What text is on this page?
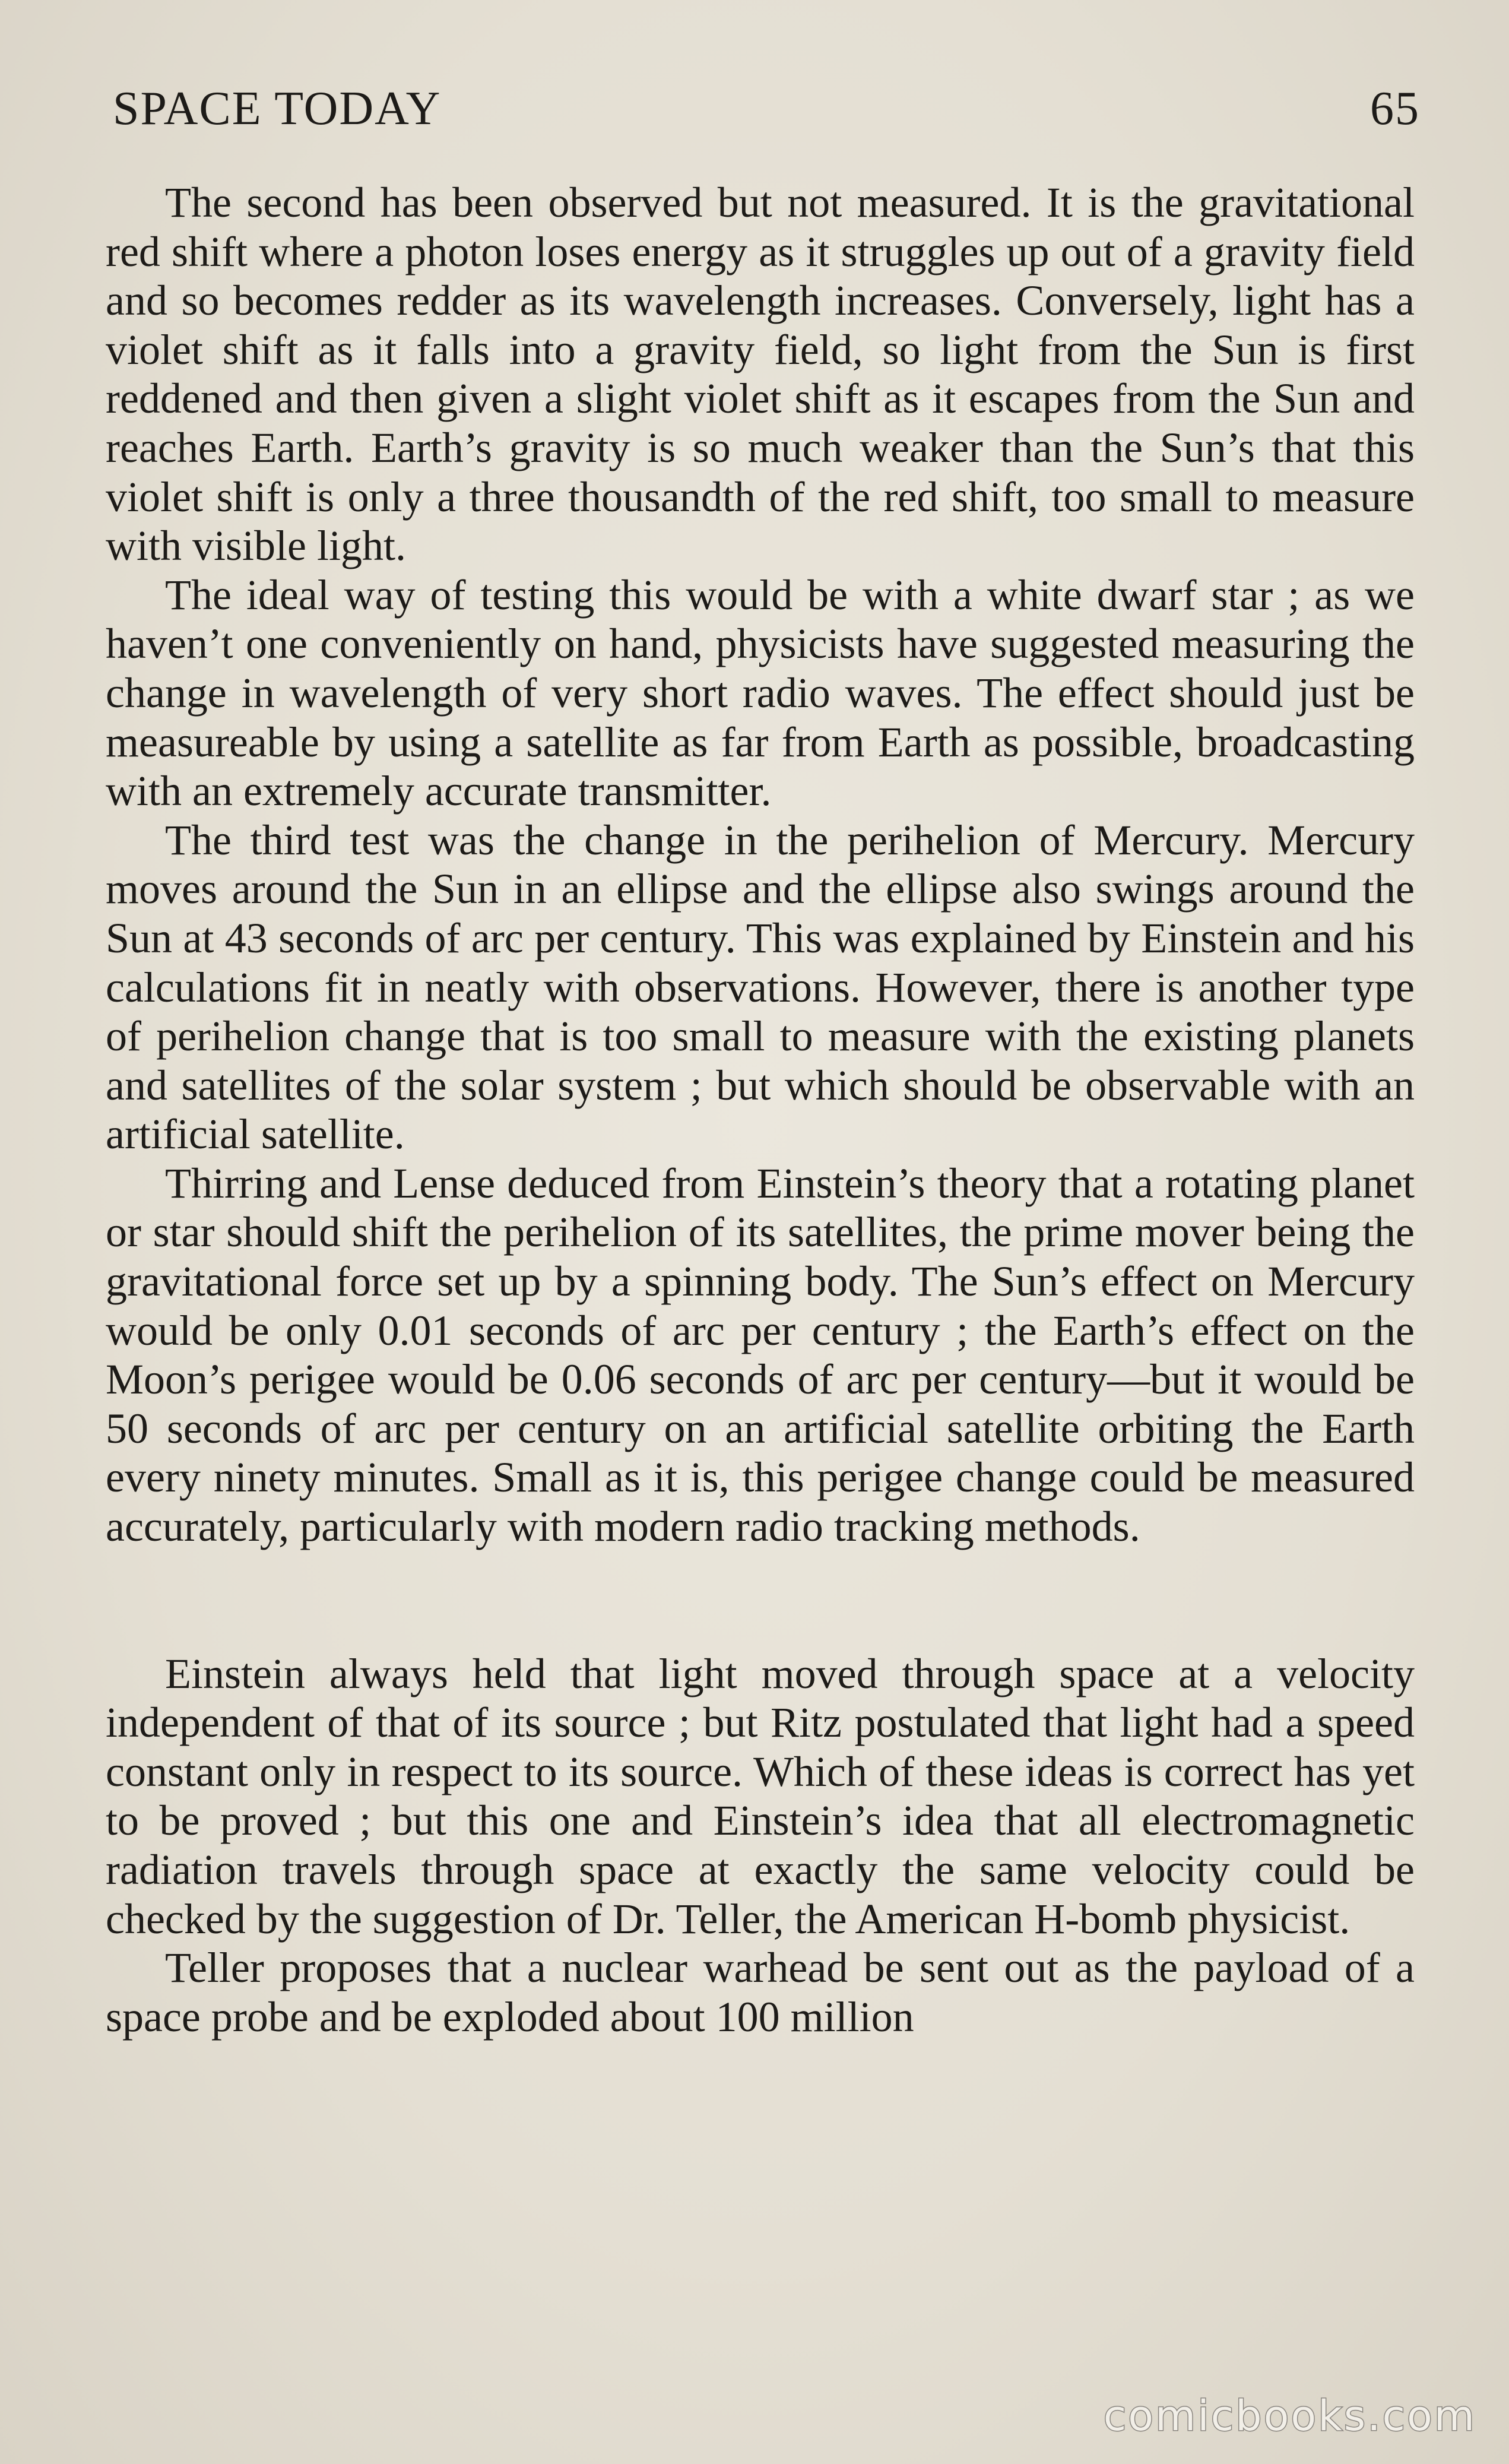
SPACE TODAY	65

The second has been observed but not measured. It is the gravitational red shift where a photon loses energy as it struggles up out of a gravity field and so becomes redder as its wavelength increases. Conversely, light has a violet shift as it falls into a gravity field, so light from the Sun is first reddened and then given a slight violet shift as it escapes from the Sun and reaches Earth. Earth’s gravity is so much weaker than the Sun’s that this violet shift is only a three thousandth of the red shift, too small to measure with visible light.

The ideal way of testing this would be with a white dwarf star ; as we haven’t one conveniently on hand, physicists have suggested measuring the change in wavelength of very short radio waves. The effect should just be measureable by using a satellite as far from Earth as possible, broadcasting with an extremely accurate transmitter.

The third test was the change in the perihelion of Mercury. Mercury moves around the Sun in an ellipse and the ellipse also swings around the Sun at 43 seconds of arc per century. This was explained by Einstein and his calculations fit in neatly with observations. However, there is another type of perihelion change that is too small to measure with the existing planets and satellites of the solar system ; but which should be observable with an artificial satellite.

Thirring and Lense deduced from Einstein’s theory that a rotating planet or star should shift the perihelion of its satellites, the prime mover being the gravitational force set up by a spinning body. The Sun’s effect on Mercury would be only 0.01 seconds of arc per century ; the Earth’s effect on the Moon’s perigee would be 0.06 seconds of arc per century—but it would be 50 seconds of arc per century on an artificial satellite orbiting the Earth every ninety minutes. Small as it is, this perigee change could be measured accurately, particularly with modern radio tracking methods.

Einstein always held that light moved through space at a velocity independent of that of its source ; but Ritz postulated that light had a speed constant only in respect to its source. Which of these ideas is correct has yet to be proved ; but this one and Einstein’s idea that all electromagnetic radiation travels through space at exactly the same velocity could be checked by the suggestion of Dr. Teller, the American H-bomb physicist.

Teller proposes that a nuclear warhead be sent out as the payload of a space probe and be exploded about 100 million

comicbooks.com
